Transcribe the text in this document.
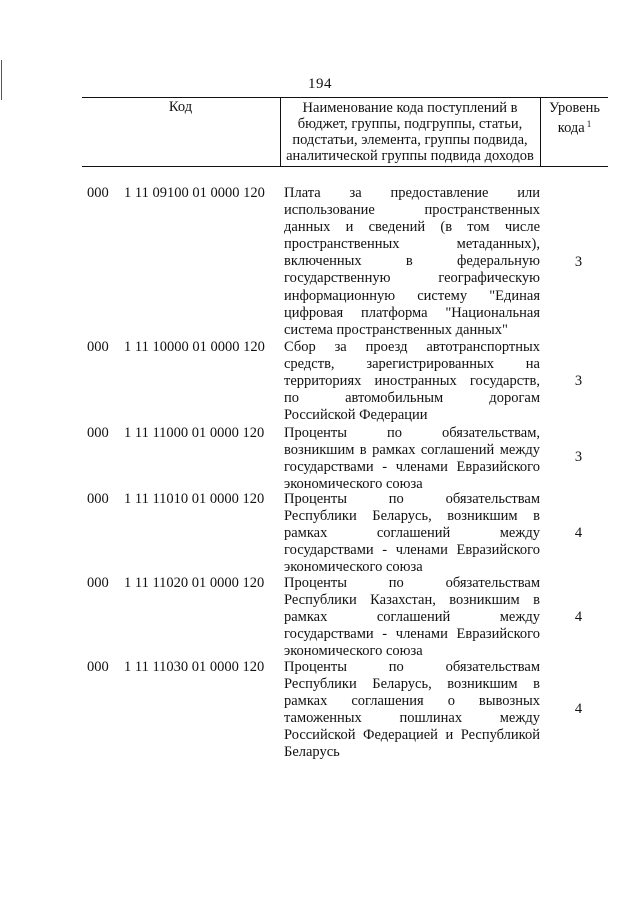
194
Код	Наименование кода поступлений в
бюджет, группы, подгруппы, статьи,
подстатьи, элемента, группы подвида,
аналитической группы подвида доходов
Уровень
кода $^1$
000 1 11 09100 01 0000 120 Плата за предоставление или
использование пространственных
данных и сведений (в том числе
пространственных метаданных),
включенных в федеральную
государственную географическую
информационную систему "Единая
цифровая платформа "Национальная
система пространственных данных"
3
000 1 11 10000 01 0000 120 Сбор за проезд автотранспортных
средств, зарегистрированных на
территориях иностранных государств,
по автомобильным дорогам
Российской Федерации
3
000 1 11 11000 01 0000 120 Проценты по обязательствам,
возникшим в рамках соглашений между
государствами - членами Евразийского
экономического союза
3
000 1 11 11010 01 0000 120 Проценты по обязательствам
Республики Беларусь, возникшим в
рамках соглашений между
государствами - членами Евразийского
экономического союза
4
000 1 11 11020 01 0000 120 Проценты по обязательствам
Республики Казахстан, возникшим в
рамках соглашений между
государствами - членами Евразийского
экономического союза
4
000 1 11 11030 01 0000 120 Проценты по обязательствам
Республики Беларусь, возникшим в
рамках соглашения о вывозных
таможенных пошлинах между
Российской Федерацией и Республикой
Беларусь
4
